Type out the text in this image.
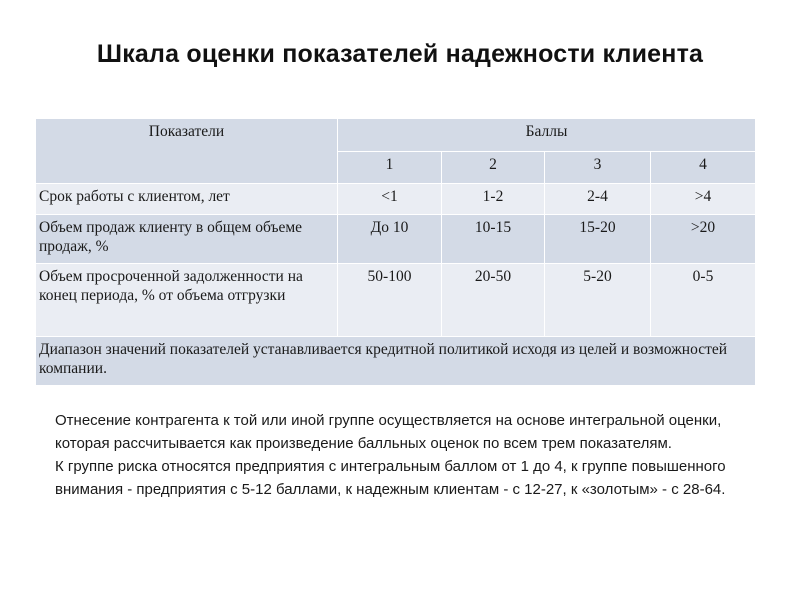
Шкала оценки показателей надежности клиента
Показатели	Баллы			
	1	2	3	4
Срок работы с клиентом, лет	<1	1-2	2-4	>4
Объем продаж клиенту в общем объеме продаж, %	До 10	10-15	15-20	>20
Объем просроченной задолженности на конец периода, % от объема отгрузки	50-100	20-50	5-20	0-5
Диапазон значений показателей устанавливается кредитной политикой исходя из целей и возможностей компании.				

Отнесение контрагента к той или иной группе осуществляется на основе интегральной оценки, которая рассчитывается как произведение балльных оценок по всем трем показателям.

К группе риска относятся предприятия с интегральным баллом от 1 до 4, к группе повышенного внимания - предприятия с 5-12 баллами, к надежным клиентам - с 12-27, к «золотым» - с 28-64.
